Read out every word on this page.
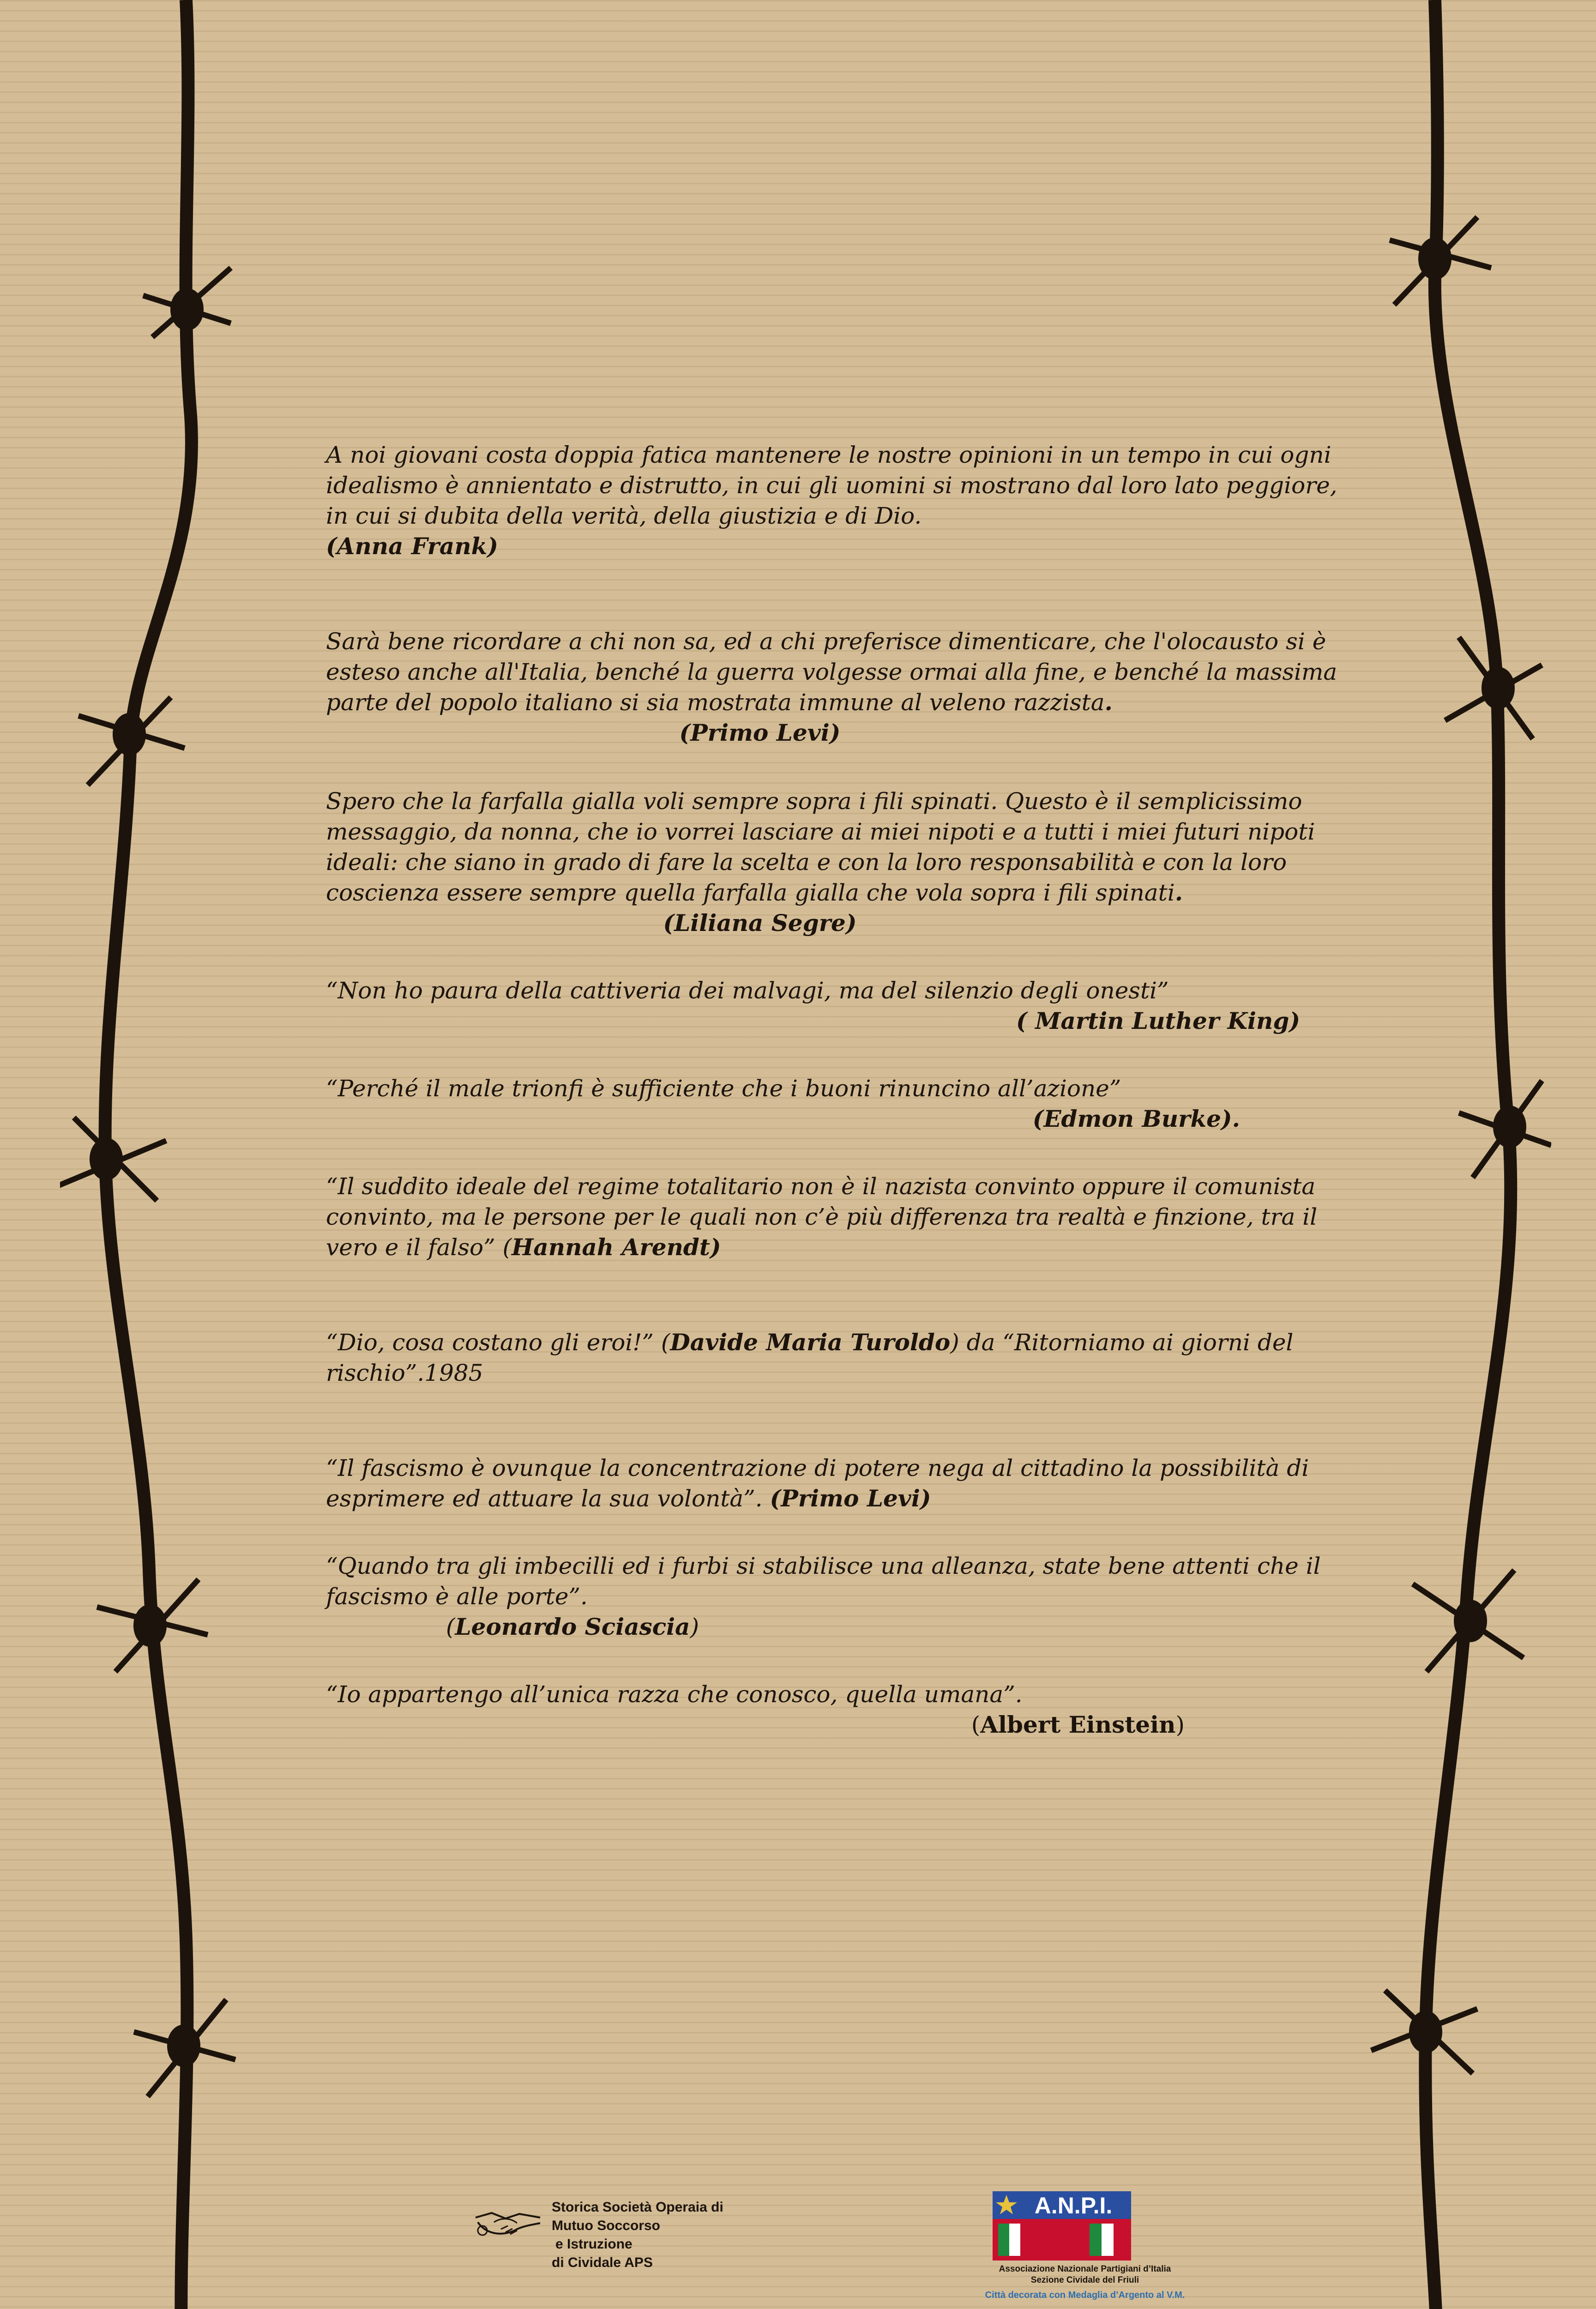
A noi giovani costa doppia fatica mantenere le nostre opinioni in un tempo in cui ogni idealismo è annientato e distrutto, in cui gli uomini si mostrano dal loro lato peggiore, in cui si dubita della verità, della giustizia e di Dio.
(Anna Frank)

Sarà bene ricordare a chi non sa, ed a chi preferisce dimenticare, che l'olocausto si è esteso anche all'Italia, benché la guerra volgesse ormai alla fine, e benché la massima parte del popolo italiano si sia mostrata immune al veleno razzista.
(Primo Levi)

Spero che la farfalla gialla voli sempre sopra i fili spinati. Questo è il semplicissimo messaggio, da nonna, che io vorrei lasciare ai miei nipoti e a tutti i miei futuri nipoti ideali: che siano in grado di fare la scelta e con la loro responsabilità e con la loro coscienza essere sempre quella farfalla gialla che vola sopra i fili spinati.
(Liliana Segre)

“Non ho paura della cattiveria dei malvagi, ma del silenzio degli onesti”
( Martin Luther King)

“Perché il male trionfi è sufficiente che i buoni rinuncino all’azione”
(Edmon Burke).

“Il suddito ideale del regime totalitario non è il nazista convinto oppure il comunista convinto, ma le persone per le quali non c’è più differenza tra realtà e finzione, tra il vero e il falso” (Hannah Arendt)

“Dio, cosa costano gli eroi!” (Davide Maria Turoldo) da “Ritorniamo ai giorni del rischio”.1985

“Il fascismo è ovunque la concentrazione di potere nega al cittadino la possibilità di esprimere ed attuare la sua volontà”. (Primo Levi)

“Quando tra gli imbecilli ed i furbi si stabilisce una alleanza, state bene attenti che il fascismo è alle porte”.
(Leonardo Sciascia)

“Io appartengo all’unica razza che conosco, quella umana”.
(Albert Einstein)

Storica Società Operaia di
Mutuo Soccorso
e Istruzione
di Cividale APS
A.N.P.I.
Associazione Nazionale Partigiani d’Italia
Sezione Cividale del Friuli
Città decorata con Medaglia d’Argento al V.M.
